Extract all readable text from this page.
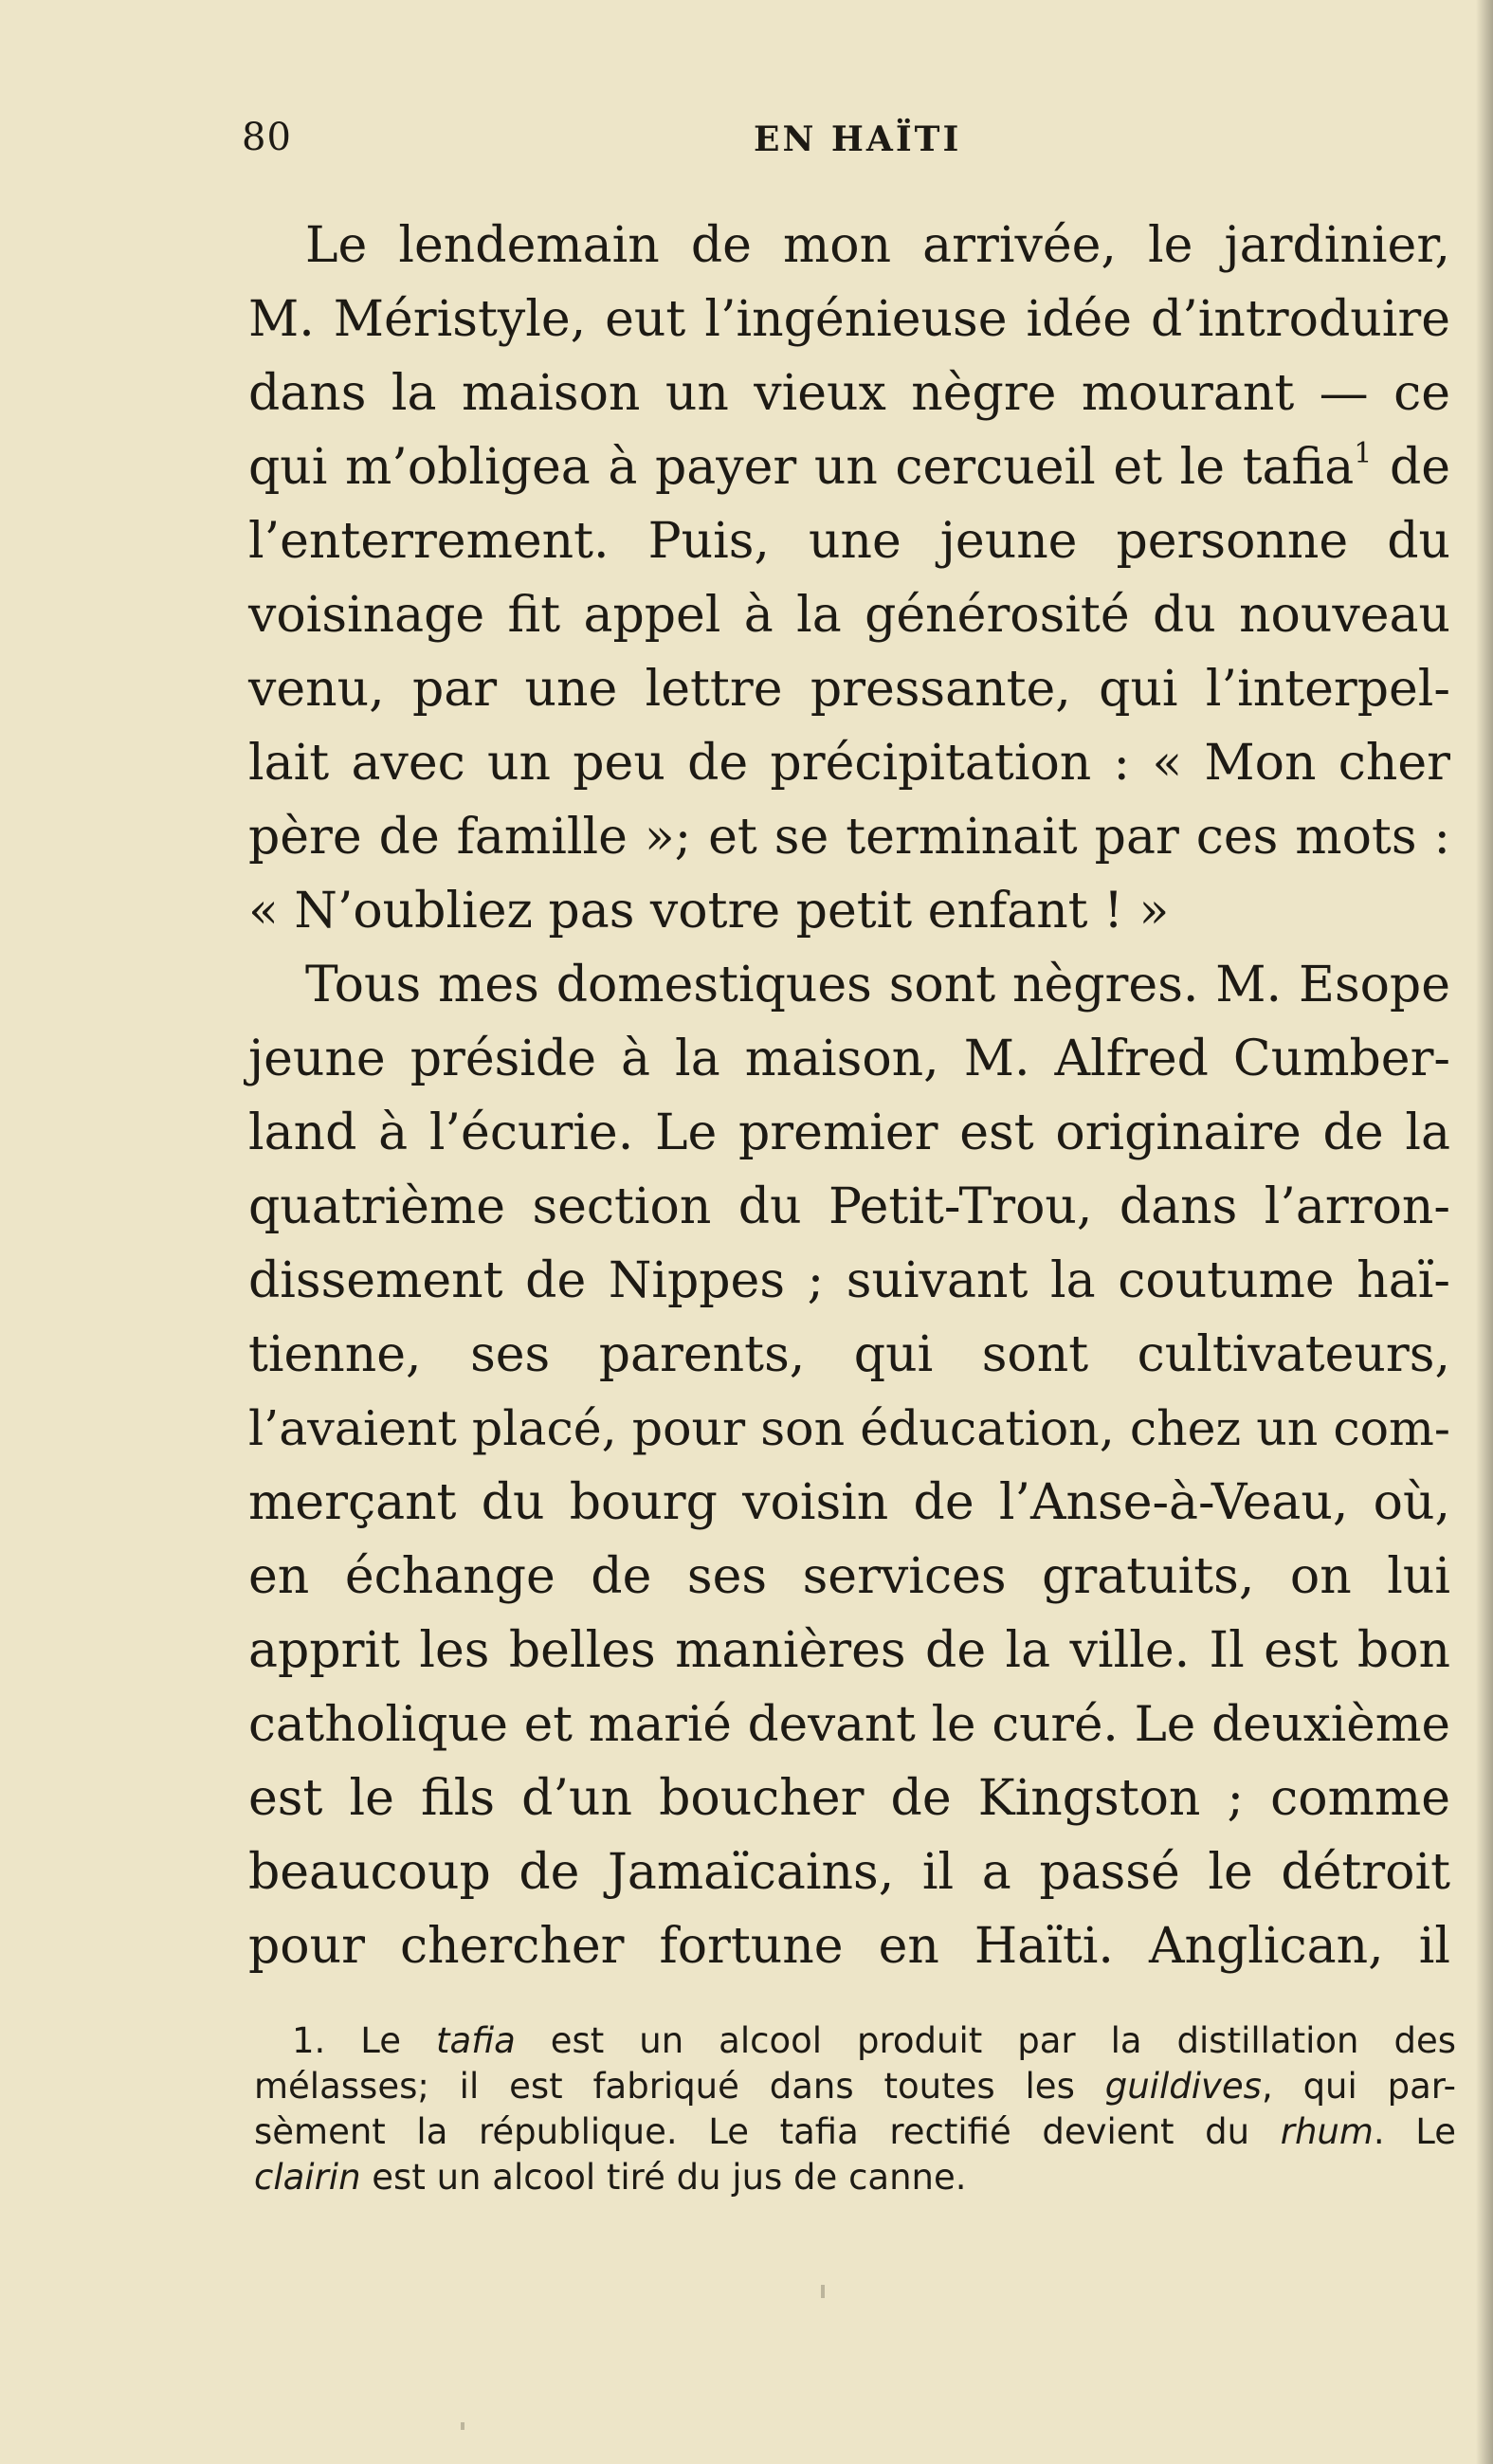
80	EN HAÏTI
Le lendemain de mon arrivée, le jardinier,
M. Méristyle, eut l’ingénieuse idée d’introduire
dans la maison un vieux nègre mourant — ce
qui m’obligea à payer un cercueil et le tafia$^1$ de
l’enterrement. Puis, une jeune personne du
voisinage fit appel à la générosité du nouveau
venu, par une lettre pressante, qui l’interpel-
lait avec un peu de précipitation : « Mon cher
père de famille »; et se terminait par ces mots :
« N’oubliez pas votre petit enfant ! »
Tous mes domestiques sont nègres. M. Esope
jeune préside à la maison, M. Alfred Cumber-
land à l’écurie. Le premier est originaire de la
quatrième section du Petit-Trou, dans l’arron-
dissement de Nippes ; suivant la coutume haï-
tienne, ses parents, qui sont cultivateurs,
l’avaient placé, pour son éducation, chez un com-
merçant du bourg voisin de l’Anse-à-Veau, où,
en échange de ses services gratuits, on lui
apprit les belles manières de la ville. Il est bon
catholique et marié devant le curé. Le deuxième
est le fils d’un boucher de Kingston ; comme
beaucoup de Jamaïcains, il a passé le détroit
pour chercher fortune en Haïti. Anglican, il
1. Le tafia est un alcool produit par la distillation des
mélasses; il est fabriqué dans toutes les guildives, qui par-
sèment la république. Le tafia rectifié devient du rhum. Le
clairin est un alcool tiré du jus de canne.
